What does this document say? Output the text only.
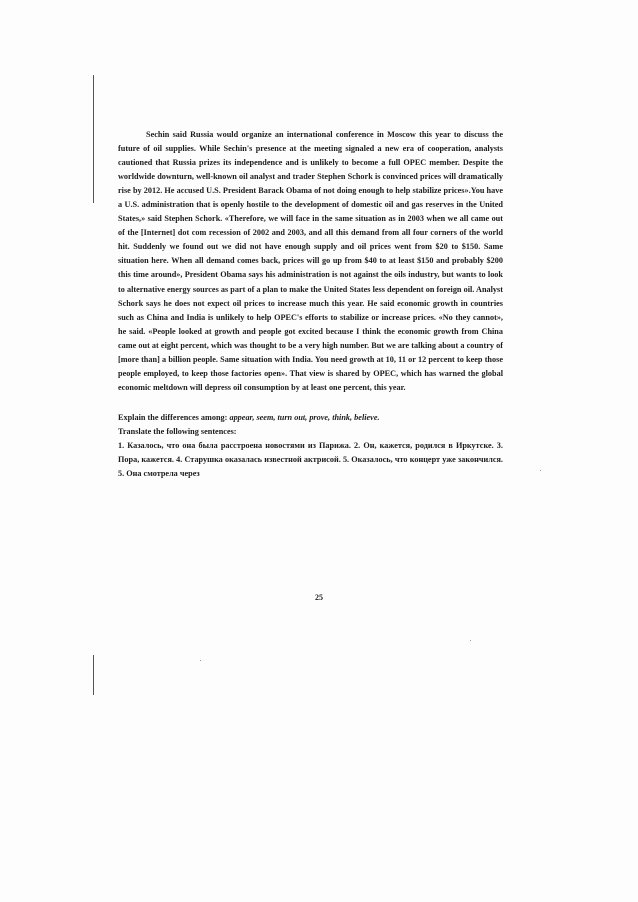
Sechin said Russia would organize an international conference in Moscow this year to discuss the future of oil supplies. While Sechin's presence at the meeting signaled a new era of cooperation, analysts cautioned that Russia prizes its independence and is unlikely to become a full OPEC member. Despite the worldwide downturn, well-known oil analyst and trader Stephen Schork is convinced prices will dramatically rise by 2012. He accused U.S. President Barack Obama of not doing enough to help stabilize prices».You have a U.S. administration that is openly hostile to the development of domestic oil and gas reserves in the United States,» said Stephen Schork. «Therefore, we will face in the same situation as in 2003 when we all came out of the [Internet] dot com recession of 2002 and 2003, and all this demand from all four corners of the world hit. Suddenly we found out we did not have enough supply and oil prices went from $20 to $150. Same situation here. When all demand comes back, prices will go up from $40 to at least $150 and probably $200 this time around», President Obama says his administration is not against the oils industry, but wants to look to alternative energy sources as part of a plan to make the United States less dependent on foreign oil. Analyst Schork says he does not expect oil prices to increase much this year. He said economic growth in countries such as China and India is unlikely to help OPEC's efforts to stabilize or increase prices. «No they cannot», he said. «People looked at growth and people got excited because I think the economic growth from China came out at eight percent, which was thought to be a very high number. But we are talking about a country of [more than] a billion people. Same situation with India. You need growth at 10, 11 or 12 percent to keep those people employed, to keep those factories open». That view is shared by OPEC, which has warned the global economic meltdown will depress oil consumption by at least one percent, this year.

Explain the differences among: appear, seem, turn out, prove, think, believe.

Translate the following sentences:

1. Казалось, что она была расстроена новостями из Парижа. 2. Он, кажется, родился в Иркутске. 3. Пора, кажется. 4. Старушка оказалась известной актрисой. 5. Оказалось, что концерт уже закончился. 5. Она смотрела через

25
